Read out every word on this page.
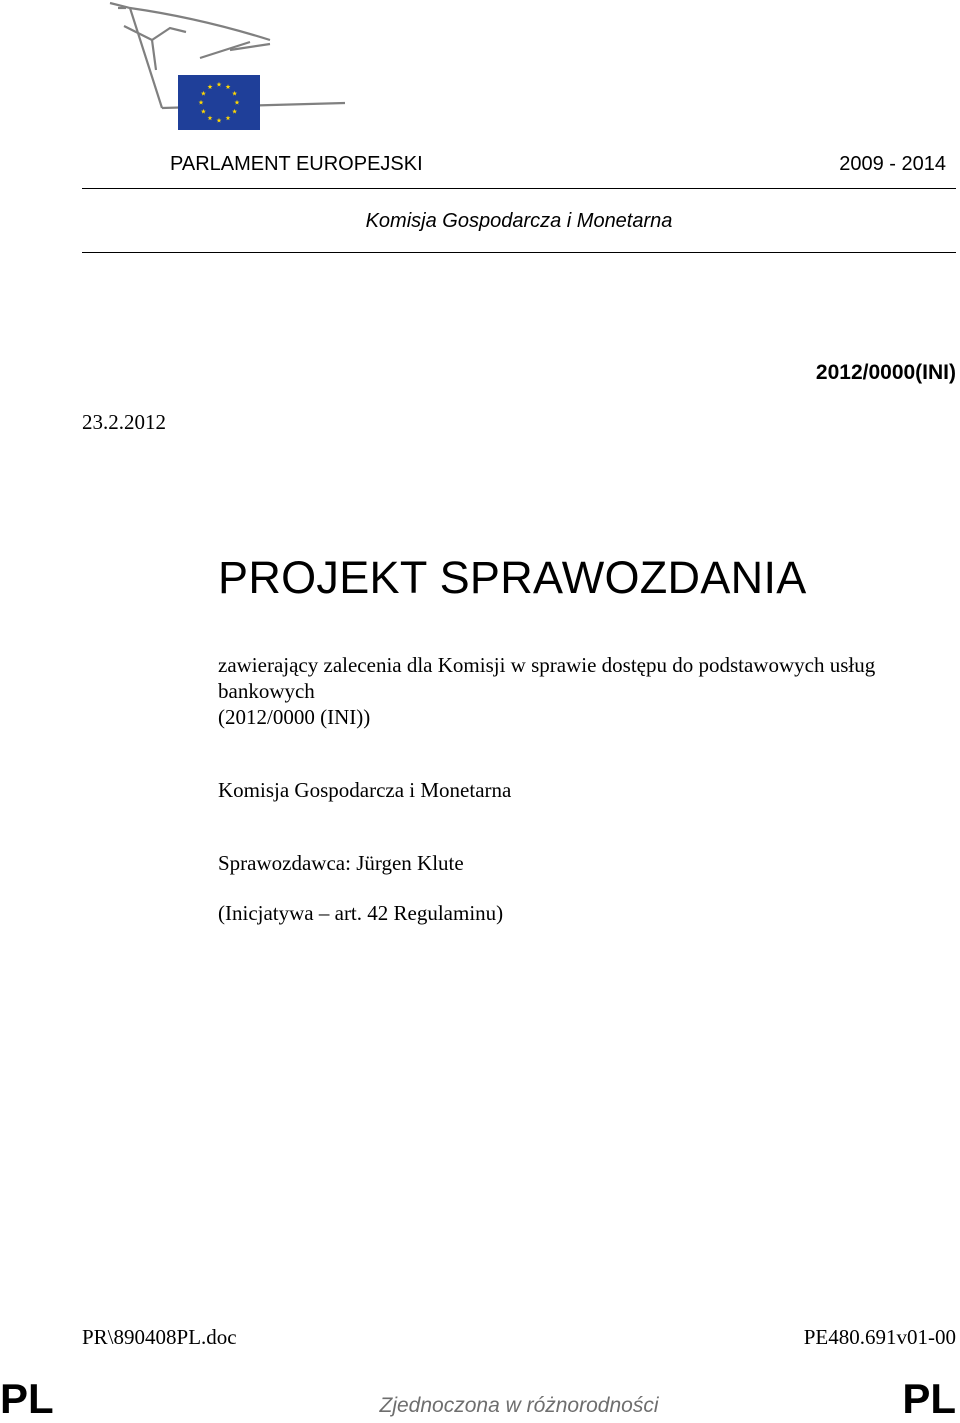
PARLAMENT EUROPEJSKI	2009 - 2014
Komisja Gospodarcza i Monetarna
2012/0000(INI)
23.2.2012
PROJEKT SPRAWOZDANIA
zawierający zalecenia dla Komisji w sprawie dostępu do podstawowych usług
bankowych
(2012/0000 (INI))
Komisja Gospodarcza i Monetarna
Sprawozdawca: Jürgen Klute
(Inicjatywa – art. 42 Regulaminu)
PR\890408PL.doc	PE480.691v01-00
PL	Zjednoczona w różnorodności	PL
